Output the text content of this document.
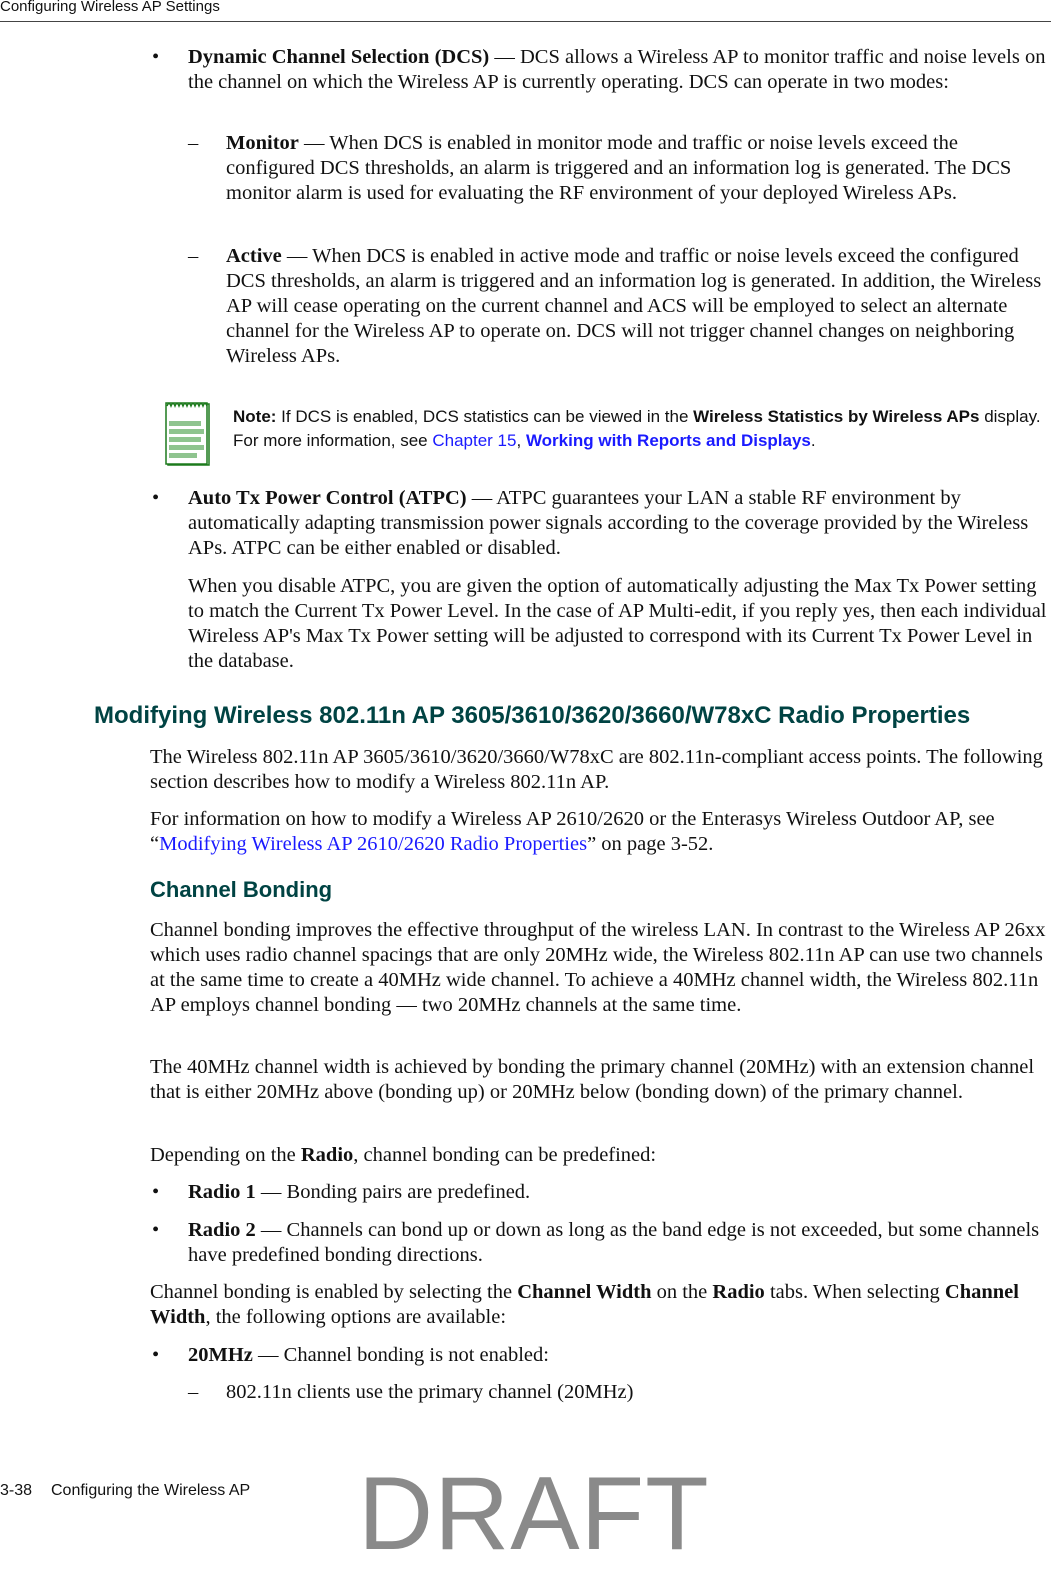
Configuring Wireless AP Settings
• Dynamic Channel Selection (DCS) — DCS allows a Wireless AP to monitor traffic and noise levels on the channel on which the Wireless AP is currently operating. DCS can operate in two modes:
– Monitor — When DCS is enabled in monitor mode and traffic or noise levels exceed the configured DCS thresholds, an alarm is triggered and an information log is generated. The DCS monitor alarm is used for evaluating the RF environment of your deployed Wireless APs.
– Active — When DCS is enabled in active mode and traffic or noise levels exceed the configured DCS thresholds, an alarm is triggered and an information log is generated. In addition, the Wireless AP will cease operating on the current channel and ACS will be employed to select an alternate channel for the Wireless AP to operate on. DCS will not trigger channel changes on neighboring Wireless APs.
Note: If DCS is enabled, DCS statistics can be viewed in the Wireless Statistics by Wireless APs display. For more information, see Chapter 15, Working with Reports and Displays.
• Auto Tx Power Control (ATPC) — ATPC guarantees your LAN a stable RF environment by automatically adapting transmission power signals according to the coverage provided by the Wireless APs. ATPC can be either enabled or disabled.
When you disable ATPC, you are given the option of automatically adjusting the Max Tx Power setting to match the Current Tx Power Level. In the case of AP Multi-edit, if you reply yes, then each individual Wireless AP's Max Tx Power setting will be adjusted to correspond with its Current Tx Power Level in the database.
Modifying Wireless 802.11n AP 3605/3610/3620/3660/W78xC Radio Properties
The Wireless 802.11n AP 3605/3610/3620/3660/W78xC are 802.11n-compliant access points. The following section describes how to modify a Wireless 802.11n AP.
For information on how to modify a Wireless AP 2610/2620 or the Enterasys Wireless Outdoor AP, see “Modifying Wireless AP 2610/2620 Radio Properties” on page 3-52.
Channel Bonding
Channel bonding improves the effective throughput of the wireless LAN. In contrast to the Wireless AP 26xx which uses radio channel spacings that are only 20MHz wide, the Wireless 802.11n AP can use two channels at the same time to create a 40MHz wide channel. To achieve a 40MHz channel width, the Wireless 802.11n AP employs channel bonding — two 20MHz channels at the same time.
The 40MHz channel width is achieved by bonding the primary channel (20MHz) with an extension channel that is either 20MHz above (bonding up) or 20MHz below (bonding down) of the primary channel.
Depending on the Radio, channel bonding can be predefined:
• Radio 1 — Bonding pairs are predefined.
• Radio 2 — Channels can bond up or down as long as the band edge is not exceeded, but some channels have predefined bonding directions.
Channel bonding is enabled by selecting the Channel Width on the Radio tabs. When selecting Channel Width, the following options are available:
• 20MHz — Channel bonding is not enabled:
– 802.11n clients use the primary channel (20MHz)
3-38 Configuring the Wireless AP DRAFT
